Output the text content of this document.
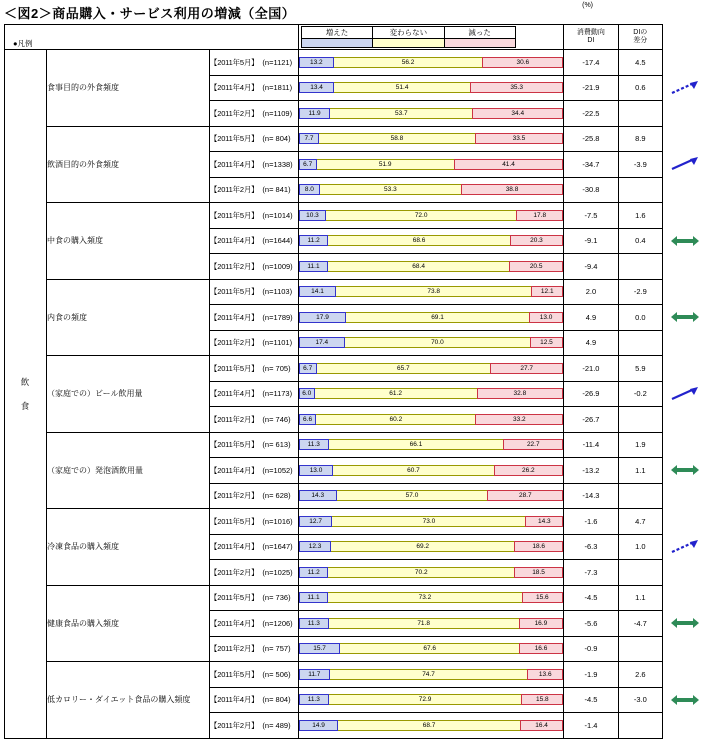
＜図2＞商品購入・サービス利用の増減（全国）
(%)
●凡例

増えた	変わらない	減った

		消費動向
DI	DIの
差分	
飲

食	食事目的の外食頻度	【2011年5月】 (n=1121)	13.2	56.2	30.6	-17.4	4.5	

【2011年4月】 (n=1811)	13.4	51.4	35.3	-21.9	0.6
【2011年2月】 (n=1109)	11.9	53.7	34.4	-22.5	
飲酒目的の外食頻度	【2011年5月】 (n= 804)	7.7	58.8	33.5	-25.8	8.9	

【2011年4月】 (n=1338)	6.7	51.9	41.4	-34.7	-3.9
【2011年2月】 (n= 841)	8.0	53.3	38.8	-30.8	
中食の購入頻度	【2011年5月】 (n=1014)	10.3	72.0	17.8	-7.5	1.6	

【2011年4月】 (n=1644)	11.2	68.6	20.3	-9.1	0.4
【2011年2月】 (n=1009)	11.1	68.4	20.5	-9.4	
内食の頻度	【2011年5月】 (n=1103)	14.1	73.8	12.1	2.0	-2.9	

【2011年4月】 (n=1789)	17.9	69.1	13.0	4.9	0.0
【2011年2月】 (n=1101)	17.4	70.0	12.5	4.9	
（家庭での）ビール飲用量	【2011年5月】 (n= 705)	6.7	65.7	27.7	-21.0	5.9	

【2011年4月】 (n=1173)	6.0	61.2	32.8	-26.9	-0.2
【2011年2月】 (n= 746)	6.6	60.2	33.2	-26.7	
（家庭での）発泡酒飲用量	【2011年5月】 (n= 613)	11.3	66.1	22.7	-11.4	1.9	

【2011年4月】 (n=1052)	13.0	60.7	26.2	-13.2	1.1
【2011年2月】 (n= 628)	14.3	57.0	28.7	-14.3	
冷凍食品の購入頻度	【2011年5月】 (n=1016)	12.7	73.0	14.3	-1.6	4.7	

【2011年4月】 (n=1647)	12.3	69.2	18.6	-6.3	1.0
【2011年2月】 (n=1025)	11.2	70.2	18.5	-7.3	
健康食品の購入頻度	【2011年5月】 (n= 736)	11.1	73.2	15.6	-4.5	1.1	

【2011年4月】 (n=1206)	11.3	71.8	16.9	-5.6	-4.7
【2011年2月】 (n= 757)	15.7	67.6	16.6	-0.9	
低カロリー・ダイエット食品の購入頻度	【2011年5月】 (n= 506)	11.7	74.7	13.6	-1.9	2.6	

【2011年4月】 (n= 804)	11.3	72.9	15.8	-4.5	-3.0
【2011年2月】 (n= 489)	14.9	68.7	16.4	-1.4	
